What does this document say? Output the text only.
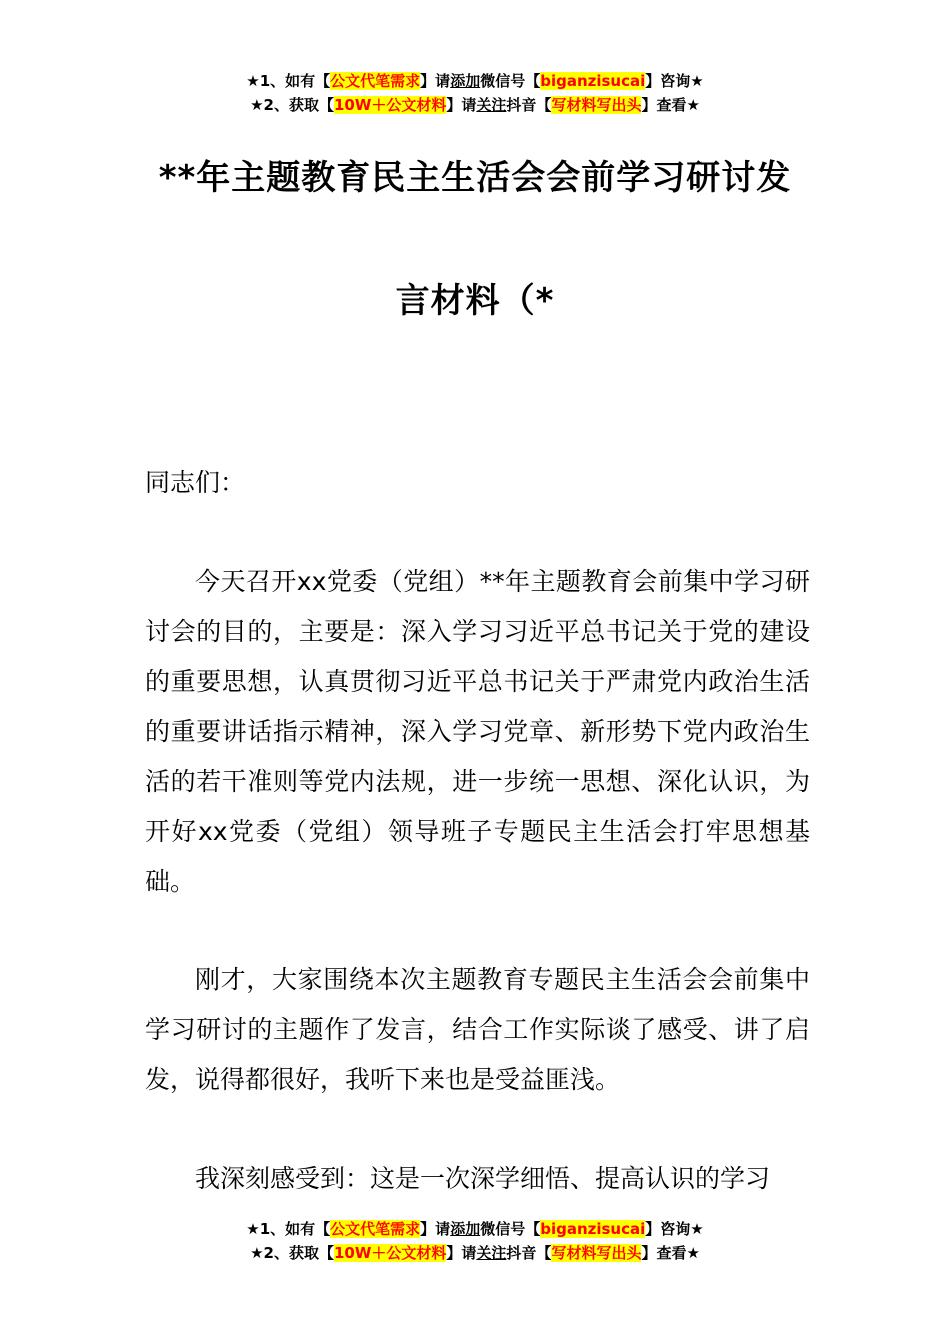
★1、如有【公文代笔需求】请添加微信号【biganzisucai】咨询★
★2、获取【10W＋公文材料】请关注抖音【写材料写出头】查看★
**年主题教育民主生活会会前学习研讨发
言材料（*
同志们：
今天召开xx党委（党组）**年主题教育会前集中学习研讨会的目的，主要是：深入学习习近平总书记关于党的建设的重要思想，认真贯彻习近平总书记关于严肃党内政治生活的重要讲话指示精神，深入学习党章、新形势下党内政治生活的若干准则等党内法规，进一步统一思想、深化认识，为开好xx党委（党组）领导班子专题民主生活会打牢思想基础。
刚才，大家围绕本次主题教育专题民主生活会会前集中学习研讨的主题作了发言，结合工作实际谈了感受、讲了启发，说得都很好，我听下来也是受益匪浅。
我深刻感受到：这是一次深学细悟、提高认识的学习
★1、如有【公文代笔需求】请添加微信号【biganzisucai】咨询★
★2、获取【10W＋公文材料】请关注抖音【写材料写出头】查看★
